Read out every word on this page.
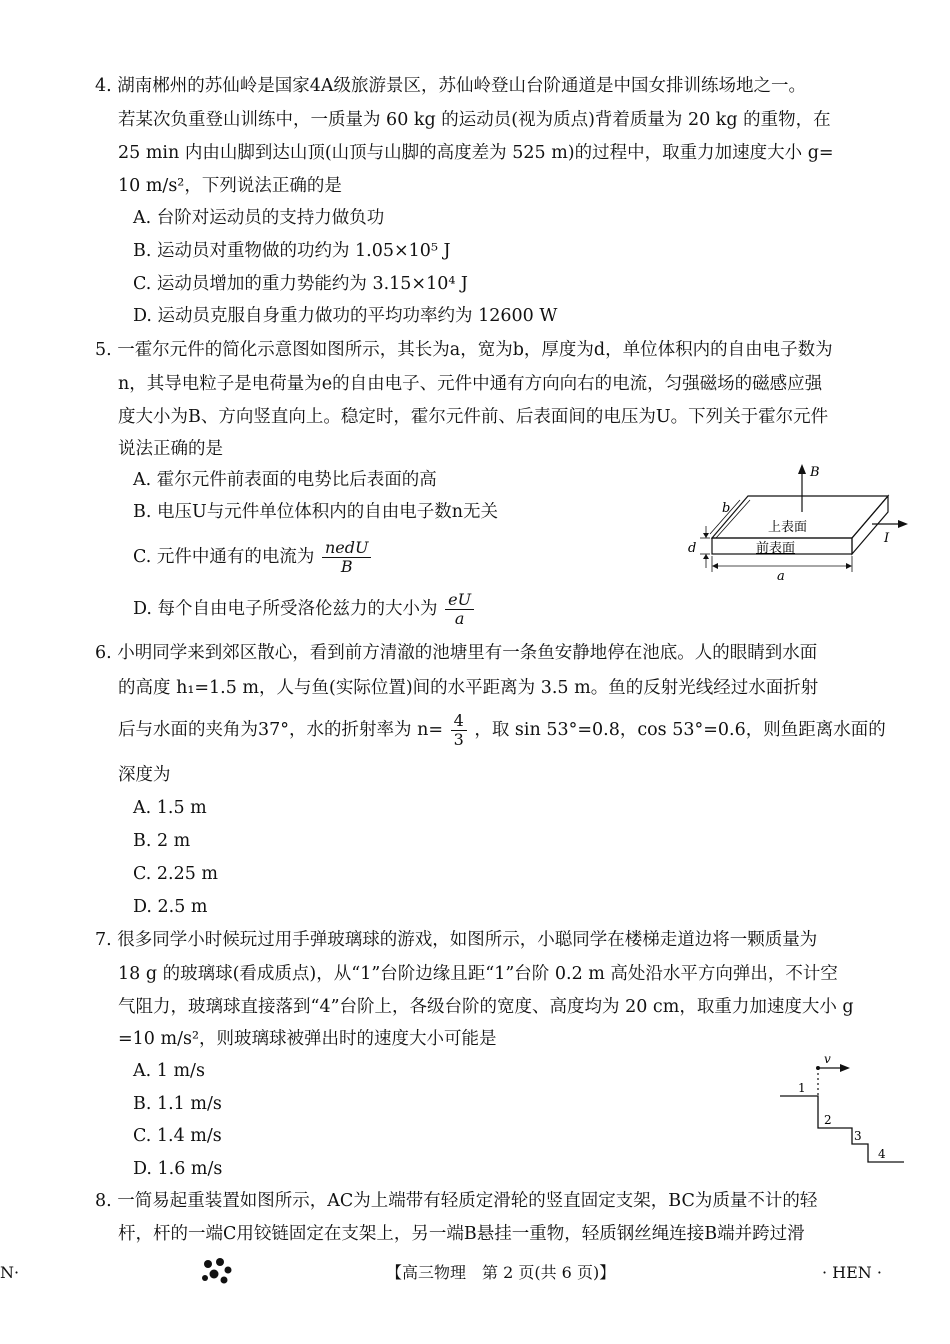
4. 湖南郴州的苏仙岭是国家4A级旅游景区，苏仙岭登山台阶通道是中国女排训练场地之一。
若某次负重登山训练中，一质量为 60 kg 的运动员(视为质点)背着质量为 20 kg 的重物，在
25 min 内由山脚到达山顶(山顶与山脚的高度差为 525 m)的过程中，取重力加速度大小 g=
10 m/s²，下列说法正确的是
A. 台阶对运动员的支持力做负功
B. 运动员对重物做的功约为 1.05×10⁵ J
C. 运动员增加的重力势能约为 3.15×10⁴ J
D. 运动员克服自身重力做功的平均功率约为 12600 W
5. 一霍尔元件的简化示意图如图所示，其长为a，宽为b，厚度为d，单位体积内的自由电子数为
n，其导电粒子是电荷量为e的自由电子、元件中通有方向向右的电流，匀强磁场的磁感应强
度大小为B、方向竖直向上。稳定时，霍尔元件前、后表面间的电压为U。下列关于霍尔元件
说法正确的是
A. 霍尔元件前表面的电势比后表面的高
B. 电压U与元件单位体积内的自由电子数n无关
C. 元件中通有的电流为 $\frac{\text{nedU}}{B}$
D. 每个自由电子所受洛伦兹力的大小为 $\frac{eU}{a}$
B
上表面
前表面
b
I
d
a
6. 小明同学来到郊区散心，看到前方清澈的池塘里有一条鱼安静地停在池底。人的眼睛到水面
的高度 h₁=1.5 m，人与鱼(实际位置)间的水平距离为 3.5 m。鱼的反射光线经过水面折射
后与水面的夹角为37°，水的折射率为 $n= \frac{4}{3}$ ，取 sin 53°=0.8，cos 53°=0.6，则鱼距离水面的
深度为
A. 1.5 m
B. 2 m
C. 2.25 m
D. 2.5 m
7. 很多同学小时候玩过用手弹玻璃球的游戏，如图所示，小聪同学在楼梯走道边将一颗质量为
18 g 的玻璃球(看成质点)，从“1”台阶边缘且距“1”台阶 0.2 m 高处沿水平方向弹出，不计空
气阻力，玻璃球直接落到“4”台阶上，各级台阶的宽度、高度均为 20 cm，取重力加速度大小 g
=10 m/s²，则玻璃球被弹出时的速度大小可能是
A. 1 m/s
B. 1.1 m/s
C. 1.4 m/s
D. 1.6 m/s
v
1
2
3
4
8. 一简易起重装置如图所示，AC为上端带有轻质定滑轮的竖直固定支架，BC为质量不计的轻
杆，杆的一端C用铰链固定在支架上，另一端B悬挂一重物，轻质钢丝绳连接B端并跨过滑
N·	【高三物理　第 2 页(共 6 页)】	· HEN ·
